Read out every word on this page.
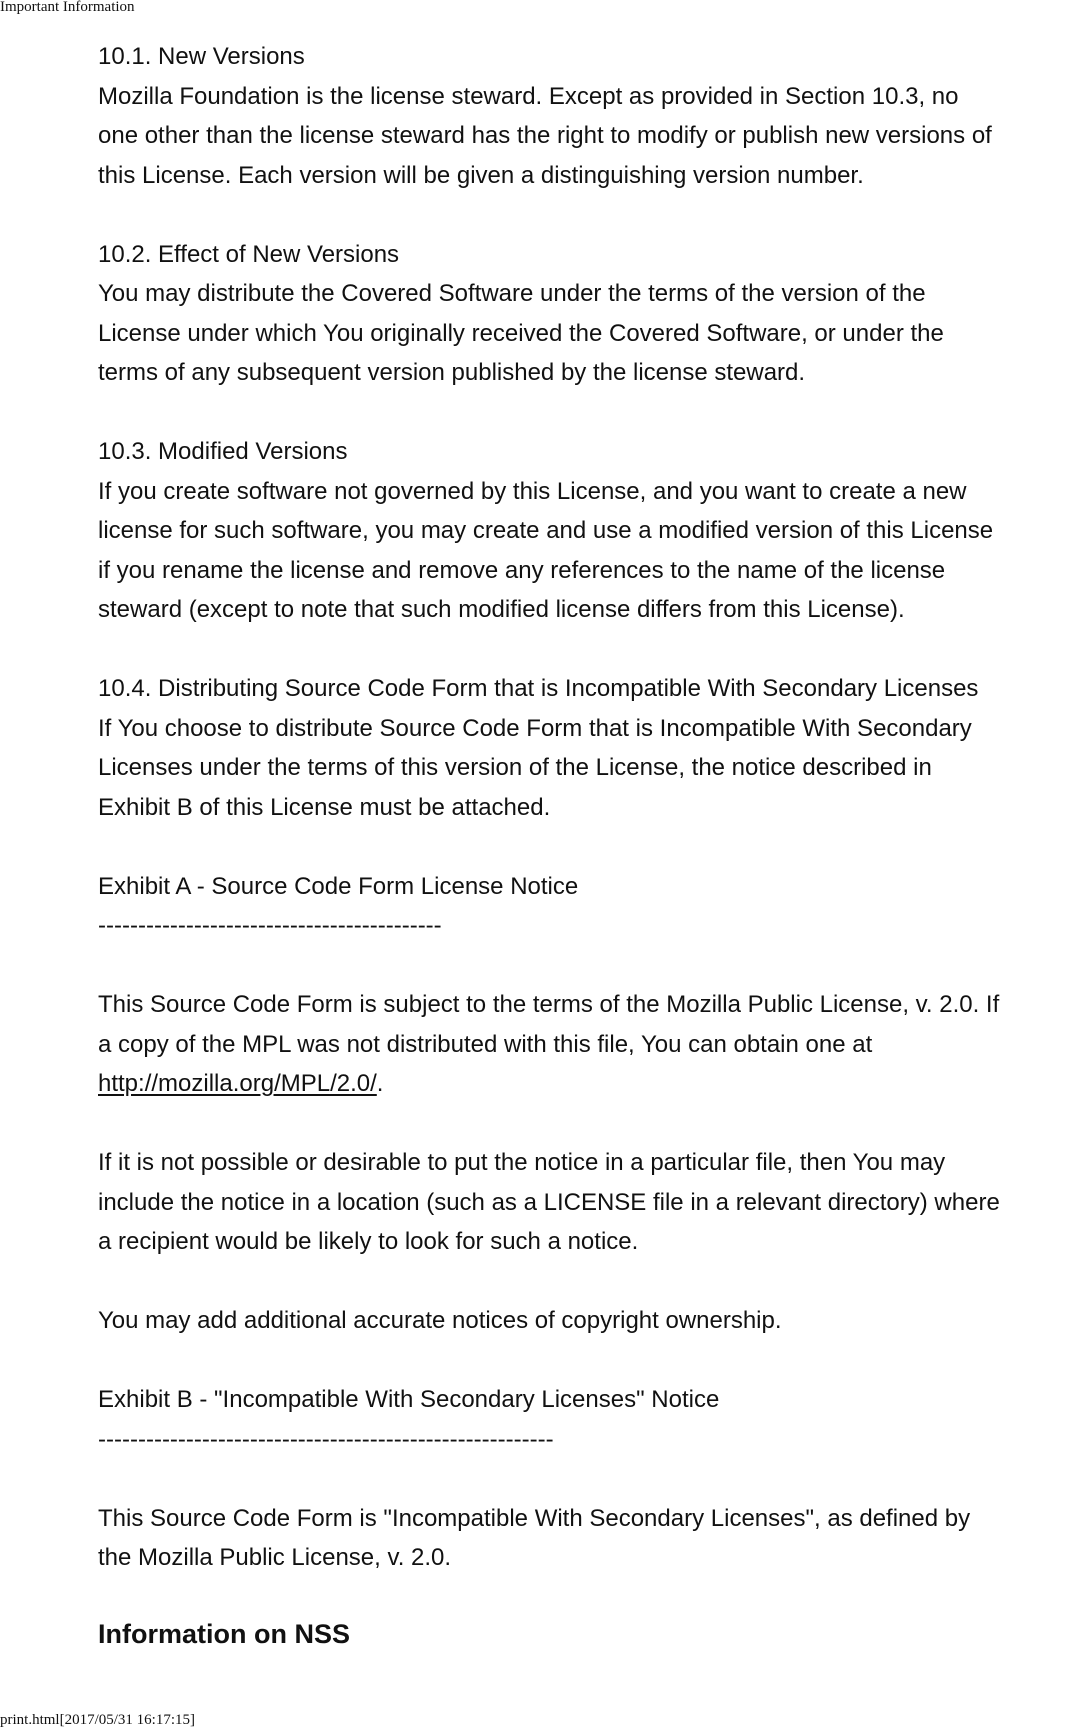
Important Information
10.1. New Versions
Mozilla Foundation is the license steward. Except as provided in Section 10.3, no
one other than the license steward has the right to modify or publish new versions of
this License. Each version will be given a distinguishing version number.
10.2. Effect of New Versions
You may distribute the Covered Software under the terms of the version of the
License under which You originally received the Covered Software, or under the
terms of any subsequent version published by the license steward.
10.3. Modified Versions
If you create software not governed by this License, and you want to create a new
license for such software, you may create and use a modified version of this License
if you rename the license and remove any references to the name of the license
steward (except to note that such modified license differs from this License).
10.4. Distributing Source Code Form that is Incompatible With Secondary Licenses
If You choose to distribute Source Code Form that is Incompatible With Secondary
Licenses under the terms of this version of the License, the notice described in
Exhibit B of this License must be attached.
Exhibit A - Source Code Form License Notice
-------------------------------------------
This Source Code Form is subject to the terms of the Mozilla Public License, v. 2.0. If
a copy of the MPL was not distributed with this file, You can obtain one at
http://mozilla.org/MPL/2.0/.
If it is not possible or desirable to put the notice in a particular file, then You may
include the notice in a location (such as a LICENSE file in a relevant directory) where
a recipient would be likely to look for such a notice.
You may add additional accurate notices of copyright ownership.
Exhibit B - "Incompatible With Secondary Licenses" Notice
---------------------------------------------------------
This Source Code Form is "Incompatible With Secondary Licenses", as defined by
the Mozilla Public License, v. 2.0.
Information on NSS
print.html[2017/05/31 16:17:15]
